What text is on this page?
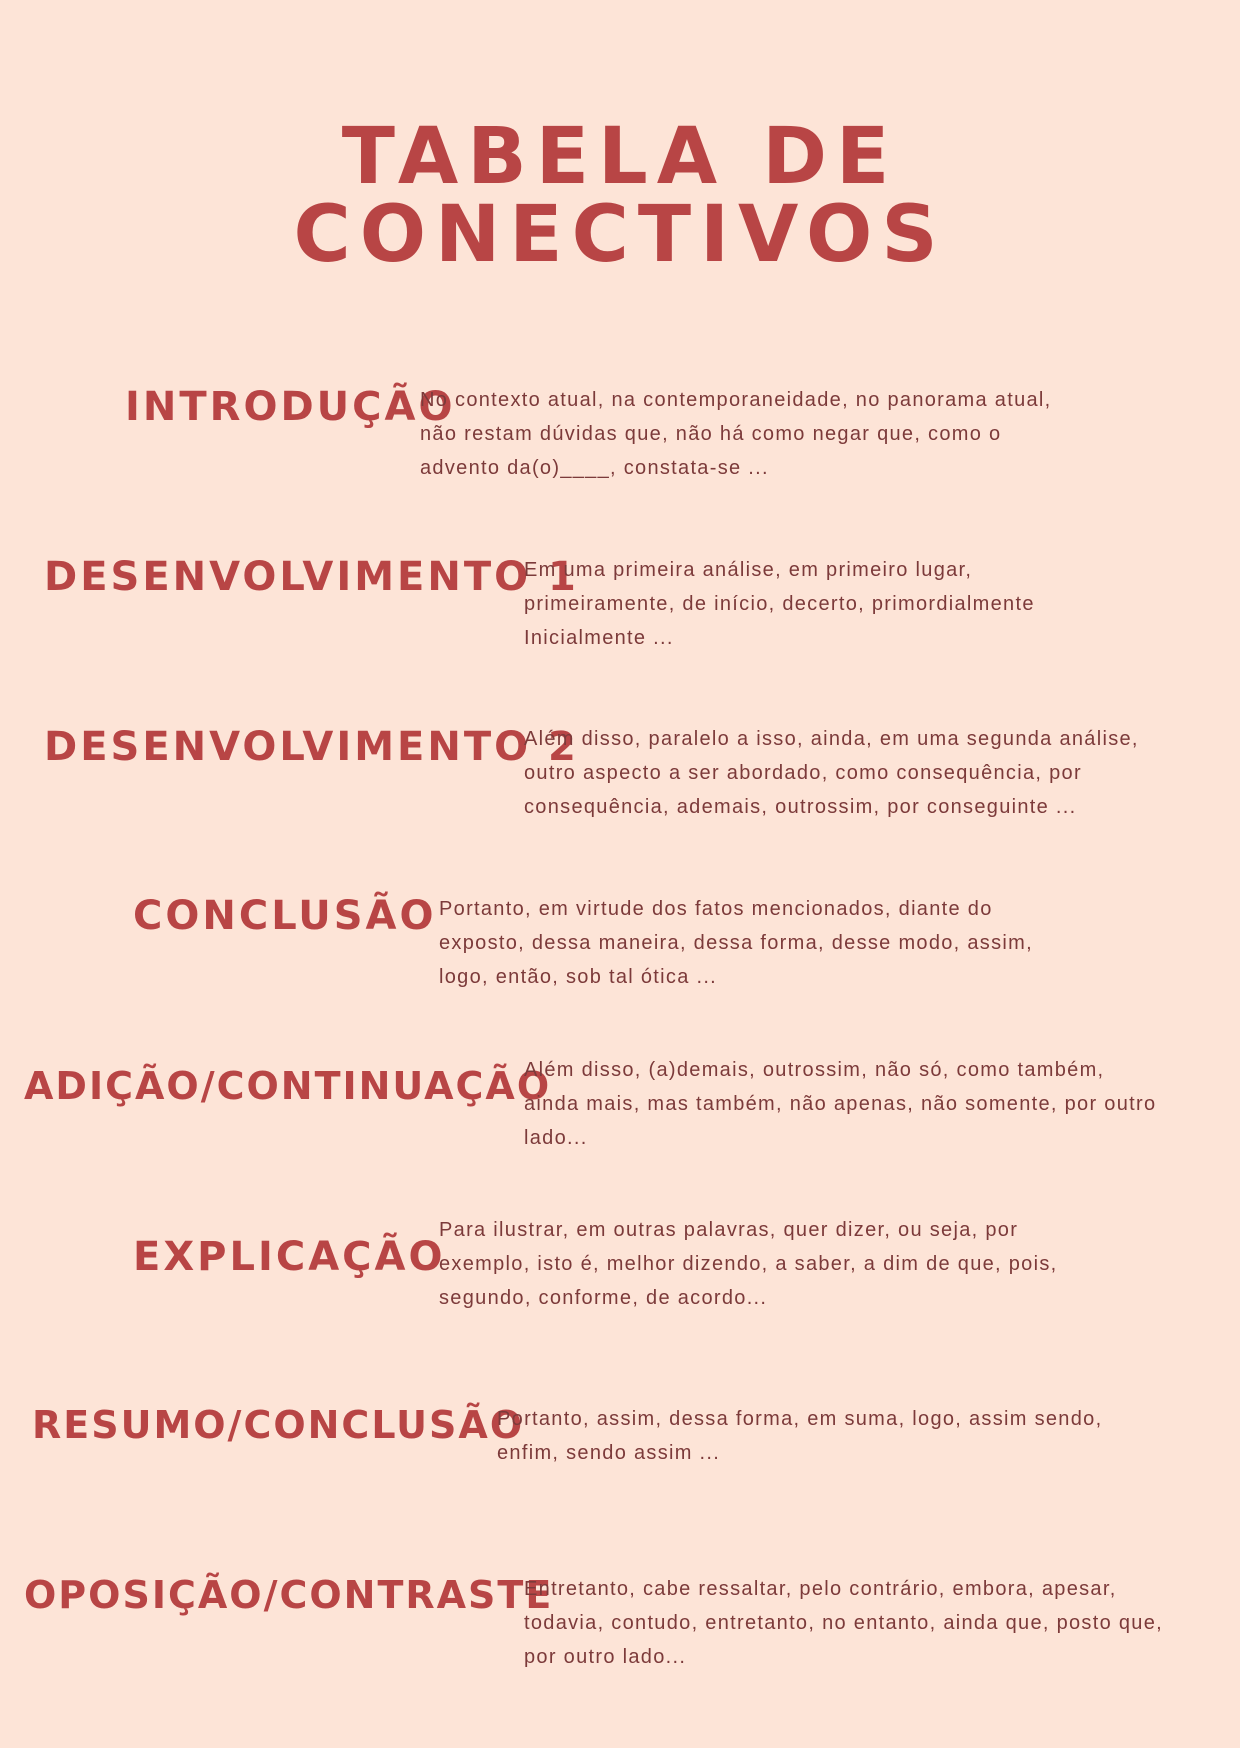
TABELA DE CONECTIVOS
INTRODUÇÃO

No contexto atual, na contemporaneidade, no panorama atual, não restam dúvidas que, não há como negar que, como o advento da(o)____, constata-se ...

DESENVOLVIMENTO 1

Em uma primeira análise, em primeiro lugar, primeiramente, de início, decerto, primordialmente Inicialmente ...

DESENVOLVIMENTO 2

Além disso, paralelo a isso, ainda, em uma segunda análise, outro aspecto a ser abordado, como consequência, por consequência, ademais, outrossim, por conseguinte ...

CONCLUSÃO Portanto, em virtude dos fatos mencionados, diante do exposto, dessa maneira, dessa forma, desse modo, assim, logo, então, sob tal ótica ...

ADIÇÃO/CONTINUAÇÃO

Além disso, (a)demais, outrossim, não só, como também, ainda mais, mas também, não apenas, não somente, por outro lado...

EXPLICAÇÃO

Para ilustrar, em outras palavras, quer dizer, ou seja, por exemplo, isto é, melhor dizendo, a saber, a dim de que, pois, segundo, conforme, de acordo...

RESUMO/CONCLUSÃO

Portanto, assim, dessa forma, em suma, logo, assim sendo, enfim, sendo assim ...

OPOSIÇÃO/CONTRASTE

Entretanto, cabe ressaltar, pelo contrário, embora, apesar, todavia, contudo, entretanto, no entanto, ainda que, posto que, por outro lado...
